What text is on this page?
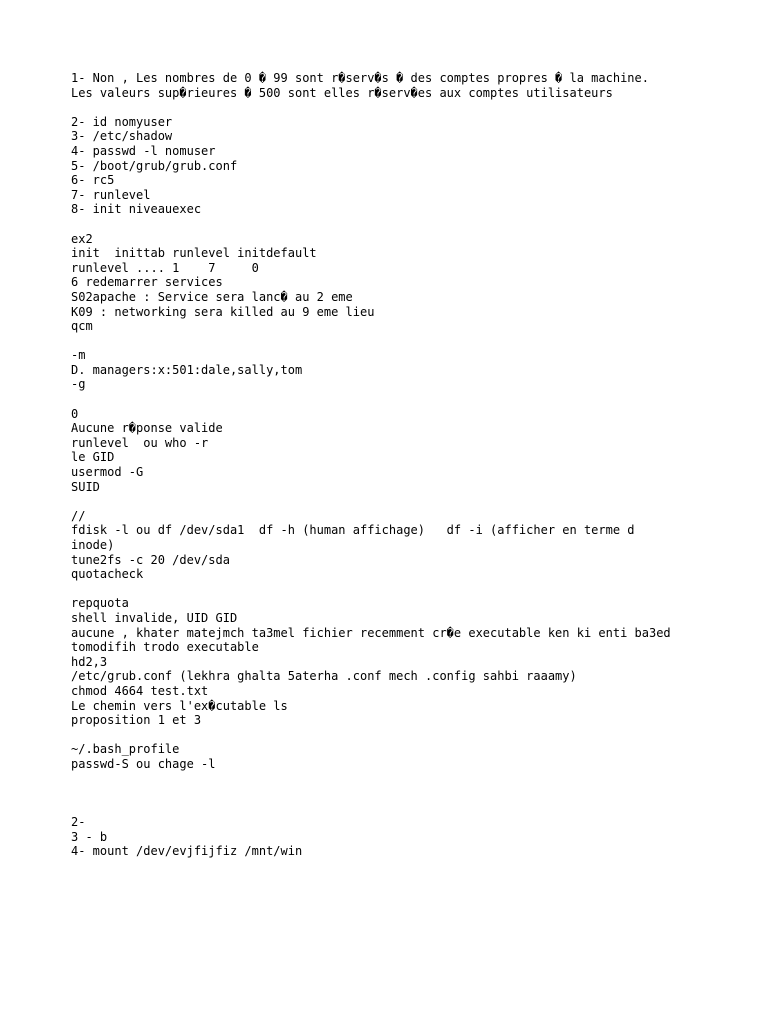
1- Non , Les nombres de 0 � 99 sont r�serv�s � des comptes propres � la machine.
Les valeurs sup�rieures � 500 sont elles r�serv�es aux comptes utilisateurs
2- id nomyuser
3- /etc/shadow
4- passwd -l nomuser
5- /boot/grub/grub.conf
6- rc5
7- runlevel
8- init niveauexec
ex2
init  inittab runlevel initdefault
runlevel .... 1    7     0
6 redemarrer services
S02apache : Service sera lanc� au 2 eme
K09 : networking sera killed au 9 eme lieu
qcm
-m
D. managers:x:501:dale,sally,tom
-g
0
Aucune r�ponse valide
runlevel  ou who -r
le GID
usermod -G
SUID
//
fdisk -l ou df /dev/sda1  df -h (human affichage)   df -i (afficher en terme d
inode)
tune2fs -c 20 /dev/sda
quotacheck
repquota
shell invalide, UID GID
aucune , khater matejmch ta3mel fichier recemment cr�e executable ken ki enti ba3ed
tomodifih trodo executable
hd2,3
/etc/grub.conf (lekhra ghalta 5aterha .conf mech .config sahbi raaamy)
chmod 4664 test.txt
Le chemin vers l'ex�cutable ls
proposition 1 et 3
~/.bash_profile
passwd-S ou chage -l
2-
3 - b
4- mount /dev/evjfijfiz /mnt/win
